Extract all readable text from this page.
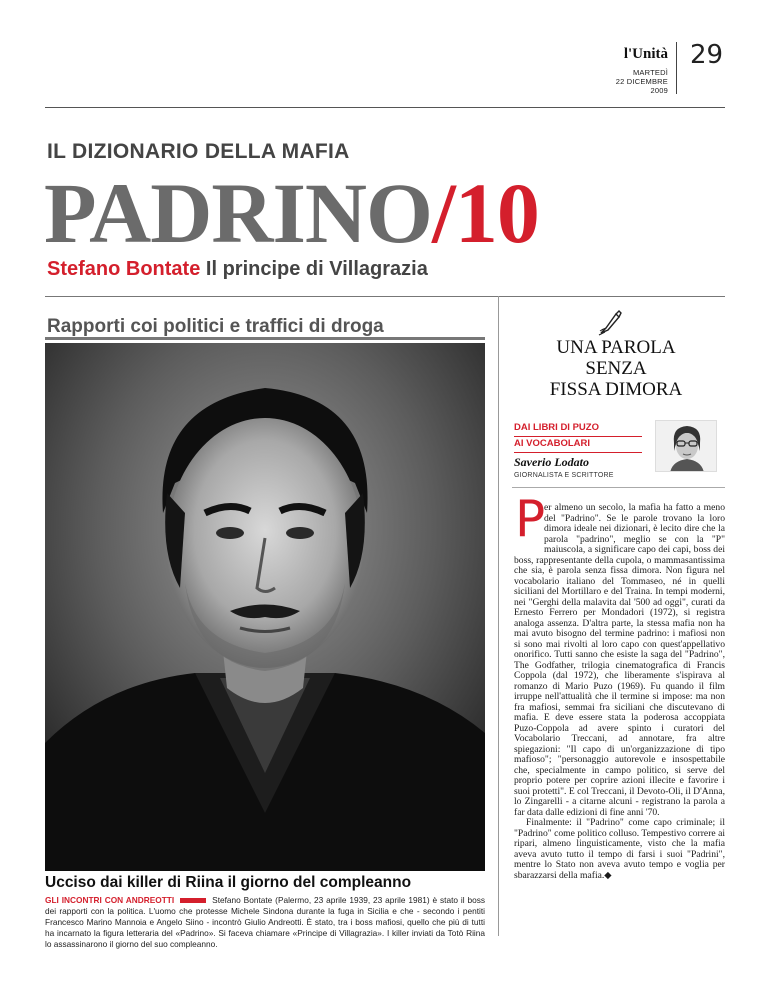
l'Unità 29
MARTEDÌ
22 DICEMBRE
2009
IL DIZIONARIO DELLA MAFIA
PADRINO/10
Stefano Bontate Il principe di Villagrazia
Rapporti coi politici e traffici di droga
Ucciso dai killer di Riina il giorno del compleanno
GLI INCONTRI CON ANDREOTTI	Stefano Bontate (Palermo, 23 aprile 1939, 23 aprile 1981) è stato il boss dei rapporti con la politica. L'uomo che protesse Michele Sindona durante la fuga in Sicilia e che - secondo i pentiti Francesco Marino Mannoia e Angelo Siino - incontrò Giulio Andreotti. È stato, tra i boss mafiosi, quello che più di tutti ha incarnato la figura letteraria del «Padrino». Si faceva chiamare «Principe di Villagrazia». I killer inviati da Totò Riina lo assassinarono il giorno del suo compleanno.
UNA PAROLA
SENZA
FISSA DIMORA
DAI LIBRI DI PUZO
AI VOCABOLARI
Saverio Lodato
GIORNALISTA E SCRITTORE
P

er almeno un secolo, la mafia ha fatto a meno del "Padrino". Se le parole trovano la loro dimora ideale nei dizionari, è lecito dire che la parola "padrino", meglio se con la "P" maiuscola, a significare capo dei capi, boss dei boss, rappresentante della cupola, o mammasantissima che sia, è parola senza fissa dimora. Non figura nel vocabolario italiano del Tommaseo, né in quelli siciliani del Mortillaro e del Traina. In tempi moderni, nei "Gerghi della malavita dal '500 ad oggi", curati da Ernesto Ferrero per Mondadori (1972), si registra analoga assenza. D'altra parte, la stessa mafia non ha mai avuto bisogno del termine padrino: i mafiosi non si sono mai rivolti al loro capo con quest'appellativo onorifico. Tutti sanno che esiste la saga del "Padrino", The Godfather, trilogia cinematografica di Francis Coppola (dal 1972), che liberamente s'ispirava al romanzo di Mario Puzo (1969). Fu quando il film irruppe nell'attualità che il termine si impose: ma non fra mafiosi, semmai fra siciliani che discutevano di mafia. E deve essere stata la poderosa accoppiata Puzo-Coppola ad avere spinto i curatori del Vocabolario Treccani, ad annotare, fra altre spiegazioni: "Il capo di un'organizzazione di tipo mafioso"; "personaggio autorevole e insospettabile che, specialmente in campo politico, si serve del proprio potere per coprire azioni illecite e favorire i suoi protetti". E col Treccani, il Devoto-Oli, il D'Anna, lo Zingarelli - a citarne alcuni - registrano la parola a far data dalle edizioni di fine anni '70.

Finalmente: il "Padrino" come capo criminale; il "Padrino" come politico colluso. Tempestivo correre ai ripari, almeno linguisticamente, visto che la mafia aveva avuto tutto il tempo di farsi i suoi "Padrini", mentre lo Stato non aveva avuto tempo e voglia per sbarazzarsi della mafia.◆
